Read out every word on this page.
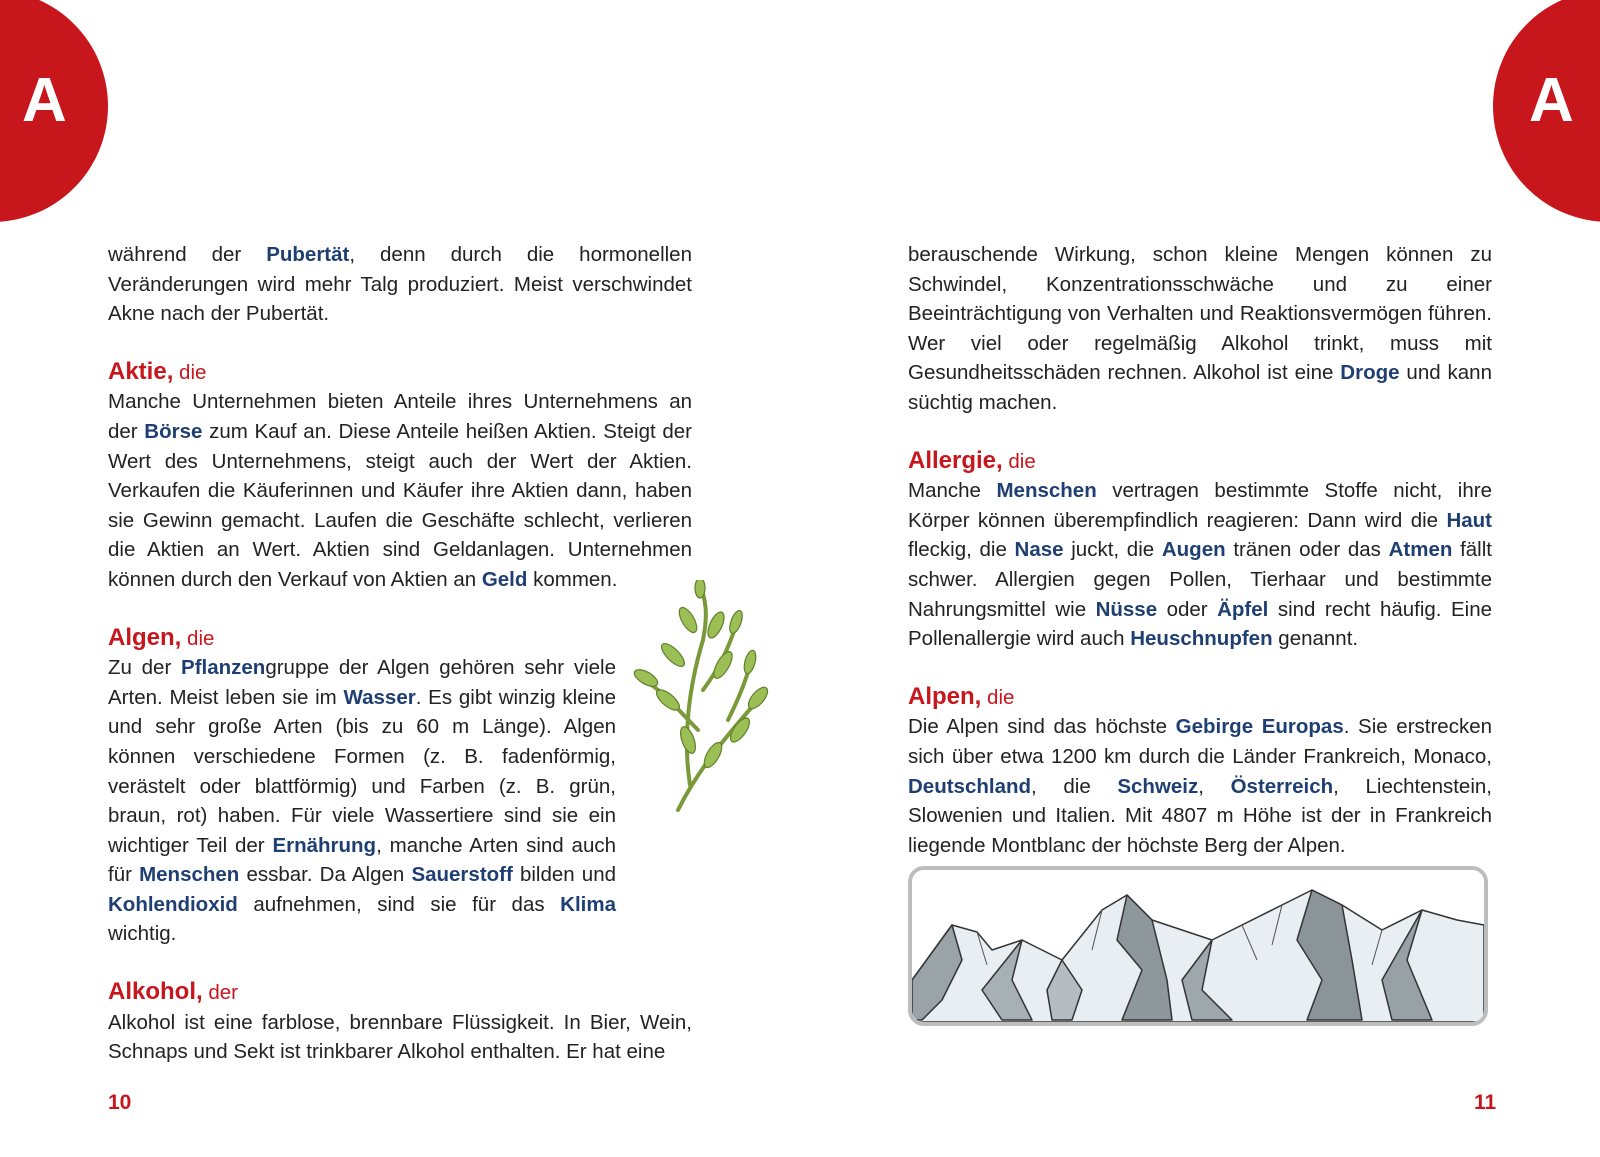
A	A

während der Pubertät, denn durch die hormonellen Veränderungen wird mehr Talg produziert. Meist verschwindet Akne nach der Pubertät.

Aktie, die

Manche Unternehmen bieten Anteile ihres Unternehmens an der Börse zum Kauf an. Diese Anteile heißen Aktien. Steigt der Wert des Unternehmens, steigt auch der Wert der Aktien. Verkaufen die Käuferinnen und Käufer ihre Aktien dann, haben sie Gewinn gemacht. Laufen die Geschäfte schlecht, verlieren die Aktien an Wert. Aktien sind Geldanlagen. Unternehmen können durch den Verkauf von Aktien an Geld kommen.

Algen, die

Zu der Pflanzengruppe der Algen gehören sehr viele Arten. Meist leben sie im Wasser. Es gibt winzig kleine und sehr große Arten (bis zu 60 m Länge). Algen können verschiedene Formen (z. B. fadenförmig, verästelt oder blattförmig) und Farben (z. B. grün, braun, rot) haben. Für viele Wassertiere sind sie ein wichtiger Teil der Ernährung, manche Arten sind auch für Menschen essbar. Da Algen Sauerstoff bilden und Kohlendioxid aufnehmen, sind sie für das Klima wichtig.

Alkohol, der

Alkohol ist eine farblose, brennbare Flüssigkeit. In Bier, Wein, Schnaps und Sekt ist trinkbarer Alkohol enthalten. Er hat eine

berauschende Wirkung, schon kleine Mengen können zu Schwindel, Konzentrationsschwäche und zu einer Beeinträchtigung von Verhalten und Reaktionsvermögen führen. Wer viel oder regelmäßig Alkohol trinkt, muss mit Gesundheitsschäden rechnen. Alkohol ist eine Droge und kann süchtig machen.

Allergie, die

Manche Menschen vertragen bestimmte Stoffe nicht, ihre Körper können überempfindlich reagieren: Dann wird die Haut fleckig, die Nase juckt, die Augen tränen oder das Atmen fällt schwer. Allergien gegen Pollen, Tierhaar und bestimmte Nahrungsmittel wie Nüsse oder Äpfel sind recht häufig. Eine Pollenallergie wird auch Heuschnupfen genannt.

Alpen, die

Die Alpen sind das höchste Gebirge Europas. Sie erstrecken sich über etwa 1200 km durch die Länder Frankreich, Monaco, Deutschland, die Schweiz, Österreich, Liechtenstein, Slowenien und Italien. Mit 4807 m Höhe ist der in Frankreich liegende Montblanc der höchste Berg der Alpen.

10	11
